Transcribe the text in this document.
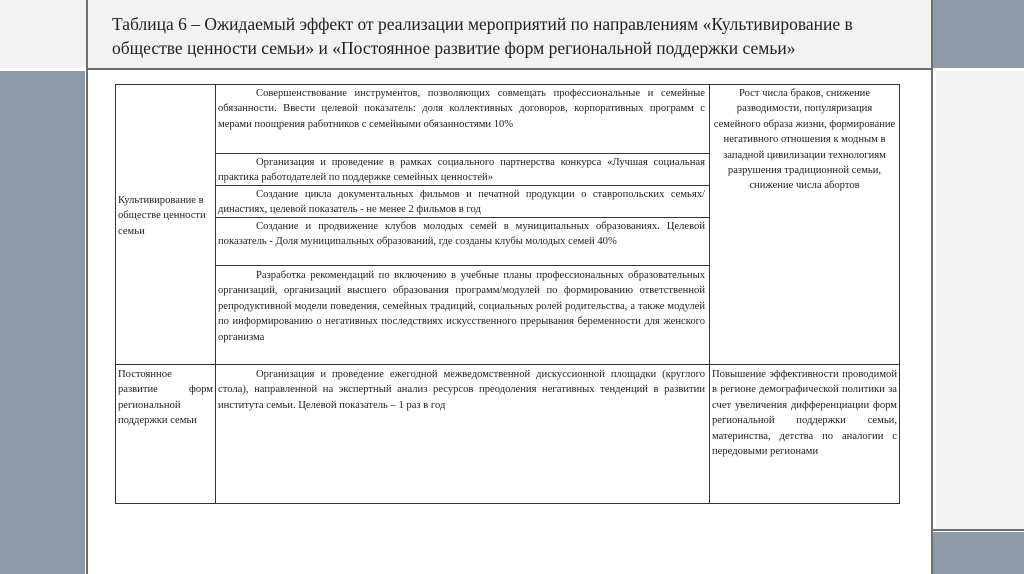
Таблица 6 – Ожидаемый эффект от реализации мероприятий по направлениям «Культивирование в обществе ценности семьи» и «Постоянное развитие форм региональной поддержки семьи»
Культивирование в обществе ценности семьи
Совершенствование инструментов, позволяющих совмещать профессиональные и семейные обязанности. Ввести целевой показатель: доля коллективных договоров, корпоративных программ с мерами поощрения работников с семейными обязанностями 10%
Организация и проведение в рамках социального партнерства конкурса «Лучшая социальная практика работодателей по поддержке семейных ценностей»
Создание цикла документальных фильмов и печатной продукции о ставропольских семьях/династиях, целевой показатель - не менее 2 фильмов в год
Создание и продвижение клубов молодых семей в муниципальных образованиях. Целевой показатель - Доля муниципальных образований, где созданы клубы молодых семей 40%
Разработка рекомендаций по включению в учебные планы профессиональных образовательных организаций, организаций высшего образования программ/модулей по формированию ответственной репродуктивной модели поведения, семейных традиций, социальных ролей родительства, а также модулей по информированию о негативных последствиях искусственного прерывания беременности для женского организма
Рост числа браков, снижение разводимости, популяризация семейного образа жизни, формирование негативного отношения к модным в западной цивилизации технологиям разрушения традиционной семьи, снижение числа абортов
Постоянное развитие форм региональной поддержки семьи
Организация и проведение ежегодной межведомственной дискуссионной площадки (круглого стола), направленной на экспертный анализ ресурсов преодоления негативных тенденций в развитии института семьи. Целевой показатель – 1 раз в год
Повышение эффективности проводимой в регионе демографической политики за счет увеличения дифференциации форм региональной поддержки семьи, материнства, детства по аналогии с передовыми регионами
